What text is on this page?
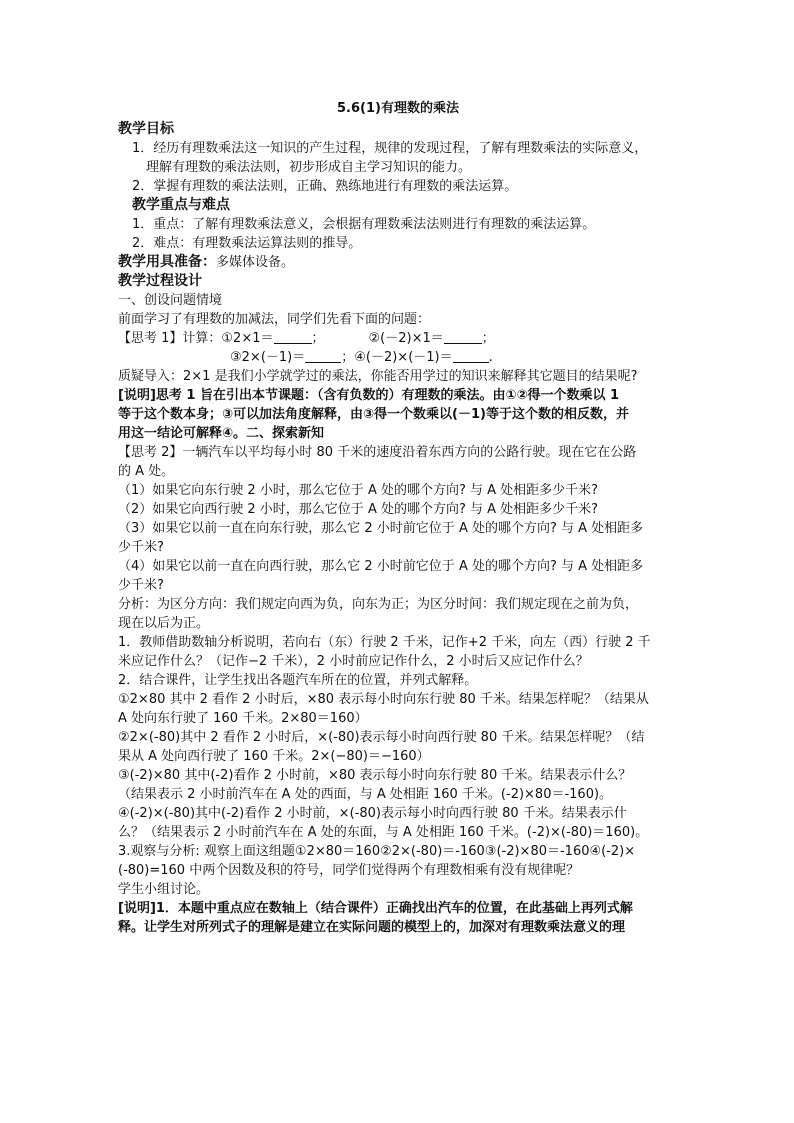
5.6(1)有理数的乘法
教学目标
1．经历有理数乘法这一知识的产生过程，规律的发现过程，了解有理数乘法的实际意义，
理解有理数的乘法法则，初步形成自主学习知识的能力。
2．掌握有理数的乘法法则，正确、熟练地进行有理数的乘法运算。
教学重点与难点
1．重点：了解有理数乘法意义，会根据有理数乘法法则进行有理数的乘法运算。
2．难点：有理数乘法运算法则的推导。
教学用具准备：多媒体设备。
教学过程设计
一、创设问题情境
前面学习了有理数的加减法，同学们先看下面的问题：
【思考 1】计算：①2×1＝	；	②(－2)×1＝	；
③2×(－1)＝	；④(－2)×(－1)＝	.
质疑导入：2×1 是我们小学就学过的乘法，你能否用学过的知识来解释其它题目的结果呢?
[说明]思考 1 旨在引出本节课题：（含有负数的）有理数的乘法。由①②得一个数乘以 1
等于这个数本身；③可以加法角度解释，由③得一个数乘以(－1)等于这个数的相反数，并
用这一结论可解释④。二、探索新知
【思考 2】一辆汽车以平均每小时 80 千米的速度沿着东西方向的公路行驶。现在它在公路
的 A 处。
（1）如果它向东行驶 2 小时，那么它位于 A 处的哪个方向? 与 A 处相距多少千米?
（2）如果它向西行驶 2 小时，那么它位于 A 处的哪个方向? 与 A 处相距多少千米?
（3）如果它以前一直在向东行驶，那么它 2 小时前它位于 A 处的哪个方向? 与 A 处相距多
少千米?
（4）如果它以前一直在向西行驶，那么它 2 小时前它位于 A 处的哪个方向? 与 A 处相距多
少千米?
分析：为区分方向：我们规定向西为负，向东为正；为区分时间：我们规定现在之前为负，
现在以后为正。
1．教师借助数轴分析说明，若向右（东）行驶 2 千米，记作+2 千米，向左（西）行驶 2 千
米应记作什么？（记作−2 千米），2 小时前应记作什么，2 小时后又应记作什么？
2．结合课件，让学生找出各题汽车所在的位置，并列式解释。
①2×80 其中 2 看作 2 小时后，×80 表示每小时向东行驶 80 千米。结果怎样呢？（结果从
A 处向东行驶了 160 千米。2×80＝160）
②2×(-80)其中 2 看作 2 小时后，×(-80)表示每小时向西行驶 80 千米。结果怎样呢？（结
果从 A 处向西行驶了 160 千米。2×(−80)＝−160）
③(-2)×80 其中(-2)看作 2 小时前，×80 表示每小时向东行驶 80 千米。结果表示什么？
（结果表示 2 小时前汽车在 A 处的西面，与 A 处相距 160 千米。(-2)×80＝-160)。
④(-2)×(-80)其中(-2)看作 2 小时前，×(-80)表示每小时向西行驶 80 千米。结果表示什
么？（结果表示 2 小时前汽车在 A 处的东面，与 A 处相距 160 千米。(-2)×(-80)＝160)。
3.观察与分析: 观察上面这组题①2×80＝160②2×(-80)＝-160③(-2)×80＝-160④(-2)×
(-80)=160 中两个因数及积的符号，同学们觉得两个有理数相乘有没有规律呢？
学生小组讨论。
[说明]1．本题中重点应在数轴上（结合课件）正确找出汽车的位置，在此基础上再列式解
释。让学生对所列式子的理解是建立在实际问题的模型上的，加深对有理数乘法意义的理
